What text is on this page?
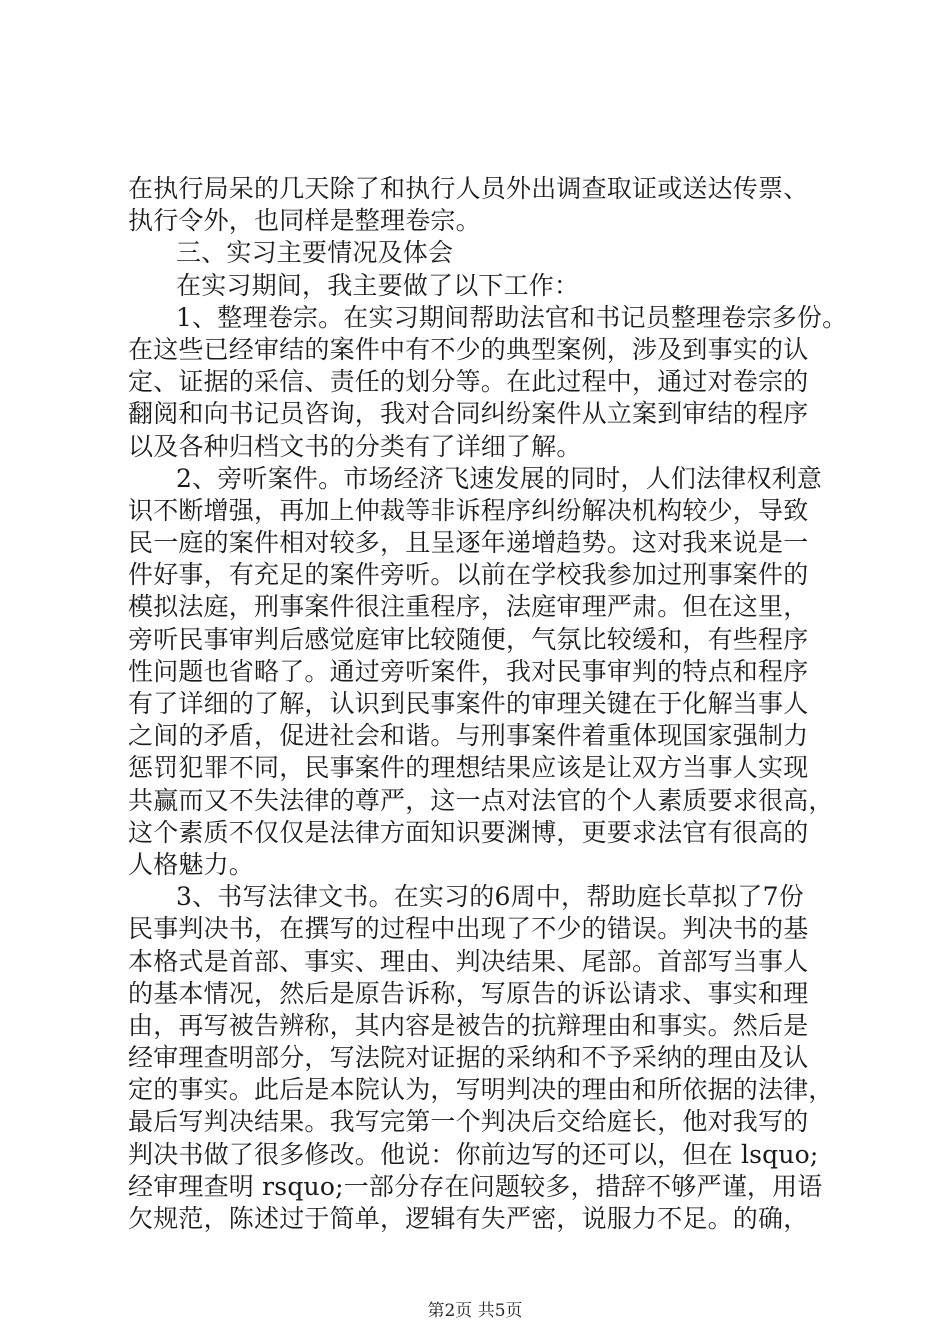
在执行局呆的几天除了和执行人员外出调查取证或送达传票、
执行令外，也同样是整理卷宗。
三、实习主要情况及体会
在实习期间，我主要做了以下工作：
1、整理卷宗。在实习期间帮助法官和书记员整理卷宗多份。
在这些已经审结的案件中有不少的典型案例，涉及到事实的认
定、证据的采信、责任的划分等。在此过程中，通过对卷宗的
翻阅和向书记员咨询，我对合同纠纷案件从立案到审结的程序
以及各种归档文书的分类有了详细了解。
2、旁听案件。市场经济飞速发展的同时，人们法律权利意
识不断增强，再加上仲裁等非诉程序纠纷解决机构较少，导致
民一庭的案件相对较多，且呈逐年递增趋势。这对我来说是一
件好事，有充足的案件旁听。以前在学校我参加过刑事案件的
模拟法庭，刑事案件很注重程序，法庭审理严肃。但在这里，
旁听民事审判后感觉庭审比较随便，气氛比较缓和，有些程序
性问题也省略了。通过旁听案件，我对民事审判的特点和程序
有了详细的了解，认识到民事案件的审理关键在于化解当事人
之间的矛盾，促进社会和谐。与刑事案件着重体现国家强制力
惩罚犯罪不同，民事案件的理想结果应该是让双方当事人实现
共赢而又不失法律的尊严，这一点对法官的个人素质要求很高，
这个素质不仅仅是法律方面知识要渊博，更要求法官有很高的
人格魅力。
3、书写法律文书。在实习的6周中，帮助庭长草拟了7份
民事判决书，在撰写的过程中出现了不少的错误。判决书的基
本格式是首部、事实、理由、判决结果、尾部。首部写当事人
的基本情况，然后是原告诉称，写原告的诉讼请求、事实和理
由，再写被告辨称，其内容是被告的抗辩理由和事实。然后是
经审理查明部分，写法院对证据的采纳和不予采纳的理由及认
定的事实。此后是本院认为，写明判决的理由和所依据的法律，
最后写判决结果。我写完第一个判决后交给庭长，他对我写的
判决书做了很多修改。他说：你前边写的还可以，但在 lsquo;
经审理查明 rsquo;一部分存在问题较多，措辞不够严谨，用语
欠规范，陈述过于简单，逻辑有失严密，说服力不足。的确，
第2页 共5页
